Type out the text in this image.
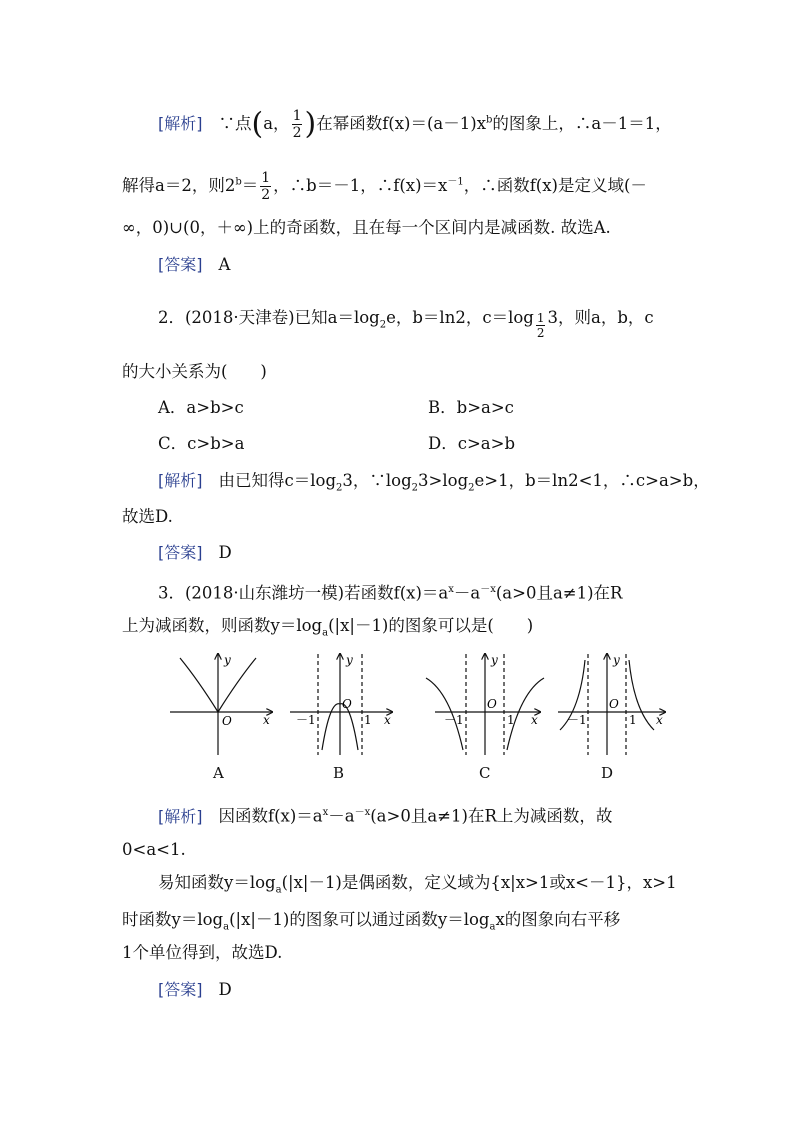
[解析] ∵点(a， $\frac{1}{2}$ )在幂函数$f(x)=(a-1)x^b$的图象上，∴a－1＝1，
解得a＝2，则$2^b= \frac{1}{2}$ ，∴b＝－1，$\therefore f(x)=x^{-1}$，∴函数f(x)是定义域(－
∞，0)∪(0，＋∞)上的奇函数，且在每一个区间内是减函数. 故选A.
[答案] A
2．(2018·天津卷)已知$a=\log_2e$，b＝ln2，$c=\log \frac{1}{2} 3$，则a，b，c
的大小关系为(　　)
A．a>b>c	B．b>a>c
C．c>b>a	D．c>a>b
[解析] 由已知得$c=\log_23$，$\because\log_23>\log_2e>1$，b＝ln2<1，∴c>a>b，
故选D.
[答案] D
3．(2018·山东潍坊一模)若函数$f(x)=a^x-a^{-x}(a>0$且a≠1)在R
上为减函数，则函数$y=\log_a(|x|-1)$的图象可以是(　　)
y
x
O
y
x
O
－1	1
y
x
O
－1	1
y
x
O
－1	1
A	B	C	D
[解析] 因函数$f(x)=a^x-a^{-x}(a>0$且a≠1)在R上为减函数，故
0<a<1.
易知函数$y=\log_a(|x|-1)$是偶函数，定义域为{x|x>1或x<－1}，x>1
时函数$y=\log_a(|x|-1)$的图象可以通过函数$y=\log_ax$的图象向右平移
1个单位得到，故选D.
[答案] D
